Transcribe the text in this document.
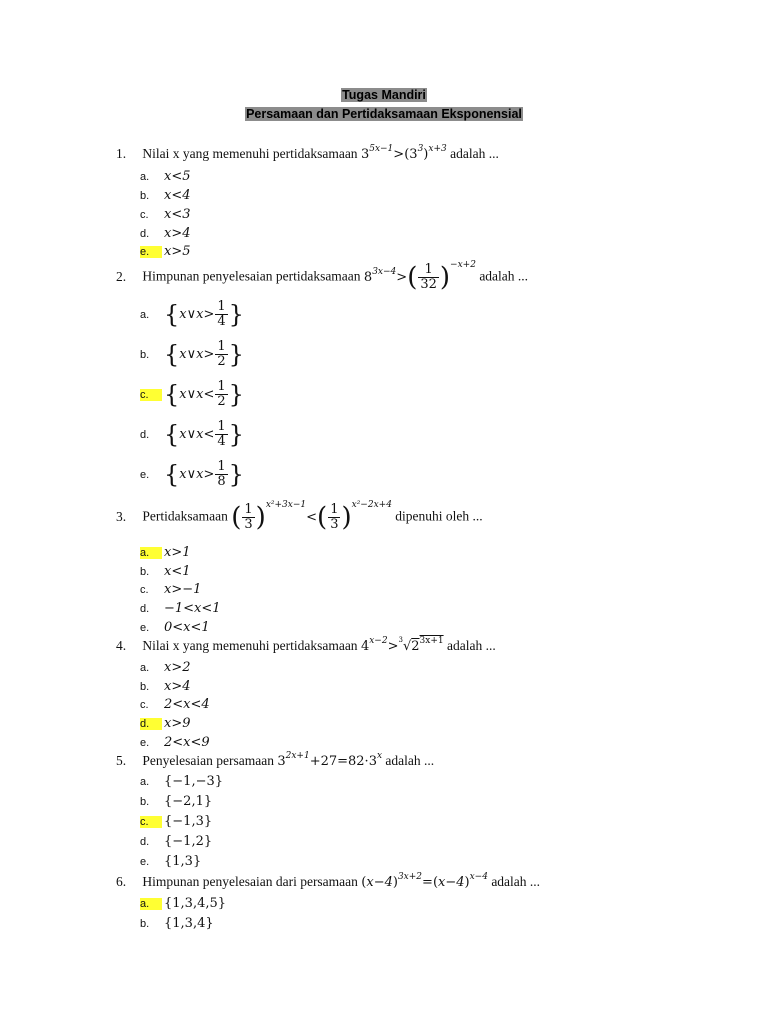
Tugas Mandiri
Persamaan dan Pertidaksamaan Eksponensial
1. Nilai x yang memenuhi pertidaksamaan $3^{5x-1}>(3^3)^{x+3}$ adalah ...
a. x<5
b. x<4
c. x<3
d. x>4
e. x>5
2. Himpunan penyelesaian pertidaksamaan $8^{3x-4}>( \frac{1}{32} )^{-x+2}$ adalah ...
a. {x∨x> $\frac{1}{4}$ }
b. {x∨x> $\frac{1}{2}$ }
c. {x∨x< $\frac{1}{2}$ }
d. {x∨x< $\frac{1}{4}$ }
e. {x∨x> $\frac{1}{8}$ }
3. Pertidaksamaan ( $\frac{1}{3} )^{x^2+3x-1}<( \frac{1}{3} )^{x^2-2x+4}$ dipenuhi oleh ...
a. x>1
b. x<1
c. x>−1
d. −1<x<1
e. 0<x<1
4. Nilai x yang memenuhi pertidaksamaan $4^{x-2}>^3√2^{3x+1}$ adalah ...
a. x>2
b. x>4
c. 2<x<4
d. x>9
e. 2<x<9
5. Penyelesaian persamaan $3^{2x+1}+27=82\cdot 3^x$ adalah ...
a. {−1,−3}
b. {−2,1}
c. {−1,3}
d. {−1,2}
e. {1,3}
6. Himpunan penyelesaian dari persamaan $(x-4)^{3x+2}=(x-4)^{x-4}$ adalah ...
a. {1,3,4,5}
b. {1,3,4}
